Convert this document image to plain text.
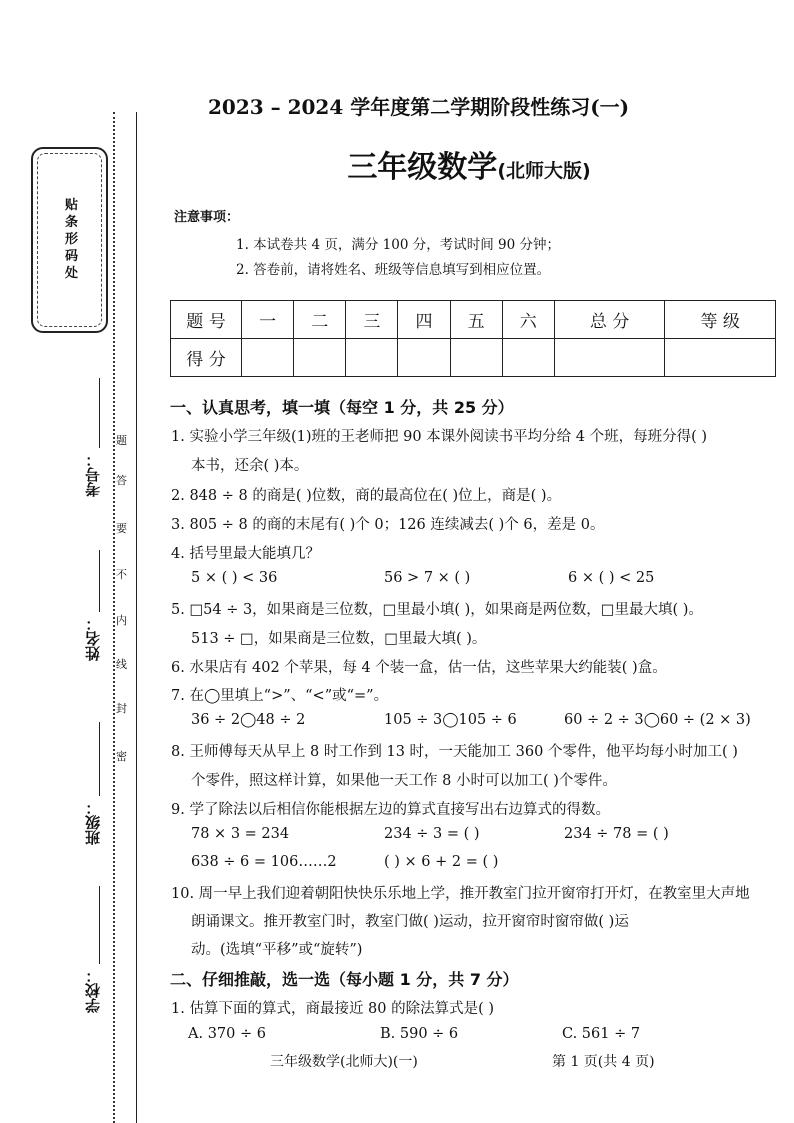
贴条形码处
考号：
姓名：
班级：
学校：
题
答
要
不
内
线
封
密
2023 – 2024 学年度第二学期阶段性练习(一)
三年级数学(北师大版)
注意事项：
1. 本试卷共 4 页，满分 100 分，考试时间 90 分钟；
2. 答卷前，请将姓名、班级等信息填写到相应位置。
题 号	一	二	三	四	五	六	总 分	等 级
得 分								
一、认真思考，填一填（每空 1 分，共 25 分）
1. 实验小学三年级(1)班的王老师把 90 本课外阅读书平均分给 4 个班，每班分得( )
本书，还余( )本。
2. 848 ÷ 8 的商是( )位数，商的最高位在( )位上，商是( )。
3. 805 ÷ 8 的商的末尾有( )个 0；126 连续减去( )个 6，差是 0。
4. 括号里最大能填几？
5 × ( ) < 36	56 > 7 × ( )	6 × ( ) < 25
5. □54 ÷ 3，如果商是三位数，□里最小填( )，如果商是两位数，□里最大填( )。
513 ÷ □，如果商是三位数，□里最大填( )。
6. 水果店有 402 个苹果，每 4 个装一盒，估一估，这些苹果大约能装( )盒。
7. 在◯里填上“>”、“<”或“=”。
36 ÷ 2◯48 ÷ 2	105 ÷ 3◯105 ÷ 6	60 ÷ 2 ÷ 3◯60 ÷ (2 × 3)
8. 王师傅每天从早上 8 时工作到 13 时，一天能加工 360 个零件，他平均每小时加工( )
个零件，照这样计算，如果他一天工作 8 小时可以加工( )个零件。
9. 学了除法以后相信你能根据左边的算式直接写出右边算式的得数。
78 × 3 = 234	234 ÷ 3 = ( )	234 ÷ 78 = ( )
638 ÷ 6 = 106……2	( ) × 6 + 2 = ( )
10. 周一早上我们迎着朝阳快快乐乐地上学，推开教室门拉开窗帘打开灯，在教室里大声地
朗诵课文。推开教室门时，教室门做( )运动，拉开窗帘时窗帘做( )运
动。(选填“平移”或“旋转”)
二、仔细推敲，选一选（每小题 1 分，共 7 分）
1. 估算下面的算式，商最接近 80 的除法算式是( )
A. 370 ÷ 6	B. 590 ÷ 6	C. 561 ÷ 7
三年级数学(北师大)(一)	第 1 页(共 4 页)
